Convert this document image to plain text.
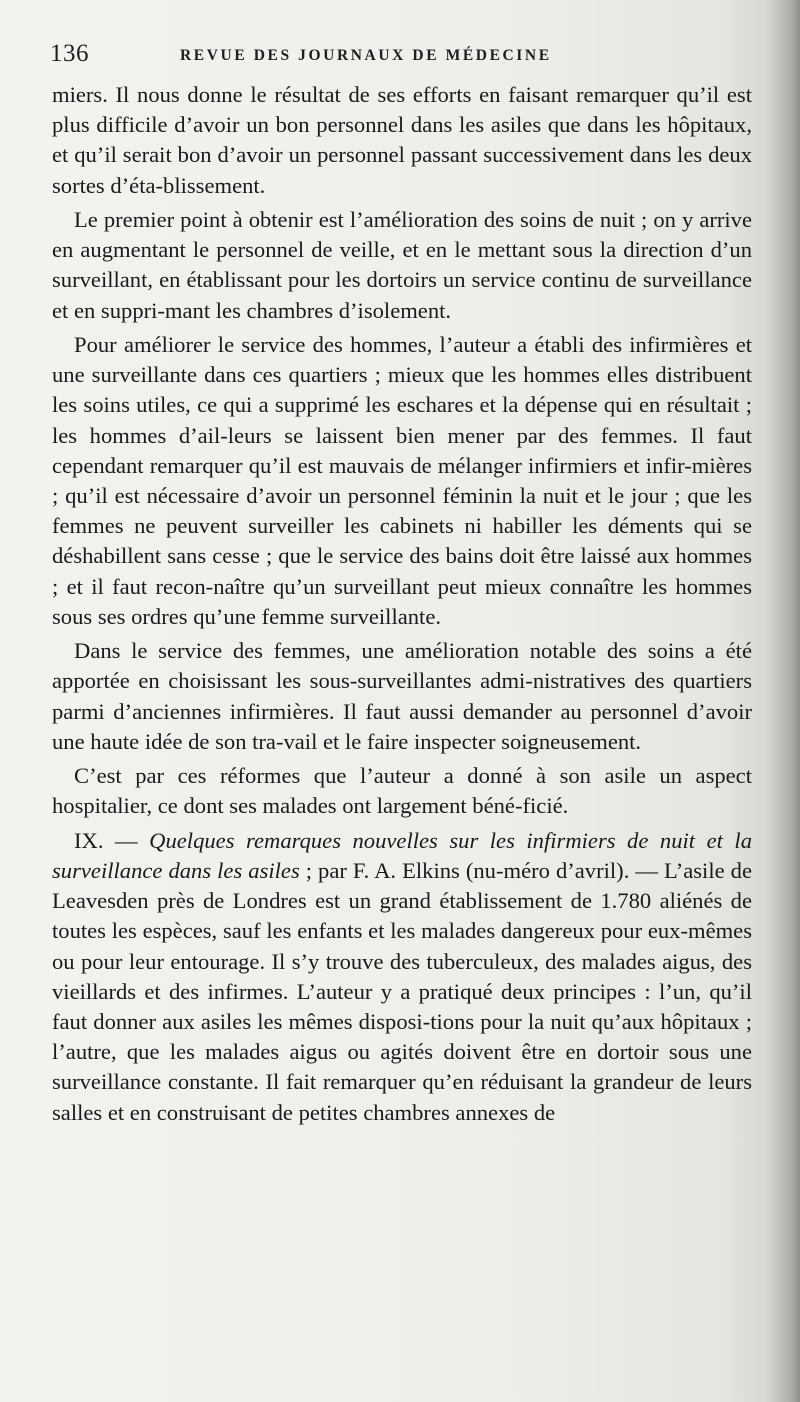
136	REVUE DES JOURNAUX DE MÉDECINE

miers. Il nous donne le résultat de ses efforts en faisant remarquer qu’il est plus difficile d’avoir un bon personnel dans les asiles que dans les hôpitaux, et qu’il serait bon d’avoir un personnel passant successivement dans les deux sortes d’éta-blissement.

Le premier point à obtenir est l’amélioration des soins de nuit ; on y arrive en augmentant le personnel de veille, et en le mettant sous la direction d’un surveillant, en établissant pour les dortoirs un service continu de surveillance et en suppri-mant les chambres d’isolement.

Pour améliorer le service des hommes, l’auteur a établi des infirmières et une surveillante dans ces quartiers ; mieux que les hommes elles distribuent les soins utiles, ce qui a supprimé les eschares et la dépense qui en résultait ; les hommes d’ail-leurs se laissent bien mener par des femmes. Il faut cependant remarquer qu’il est mauvais de mélanger infirmiers et infir-mières ; qu’il est nécessaire d’avoir un personnel féminin la nuit et le jour ; que les femmes ne peuvent surveiller les cabinets ni habiller les déments qui se déshabillent sans cesse ; que le service des bains doit être laissé aux hommes ; et il faut recon-naître qu’un surveillant peut mieux connaître les hommes sous ses ordres qu’une femme surveillante.

Dans le service des femmes, une amélioration notable des soins a été apportée en choisissant les sous-surveillantes admi-nistratives des quartiers parmi d’anciennes infirmières. Il faut aussi demander au personnel d’avoir une haute idée de son tra-vail et le faire inspecter soigneusement.

C’est par ces réformes que l’auteur a donné à son asile un aspect hospitalier, ce dont ses malades ont largement béné-ficié.

IX. — Quelques remarques nouvelles sur les infirmiers de nuit et la surveillance dans les asiles ; par F. A. Elkins (nu-méro d’avril). — L’asile de Leavesden près de Londres est un grand établissement de 1.780 aliénés de toutes les espèces, sauf les enfants et les malades dangereux pour eux-mêmes ou pour leur entourage. Il s’y trouve des tuberculeux, des malades aigus, des vieillards et des infirmes. L’auteur y a pratiqué deux principes : l’un, qu’il faut donner aux asiles les mêmes disposi-tions pour la nuit qu’aux hôpitaux ; l’autre, que les malades aigus ou agités doivent être en dortoir sous une surveillance constante. Il fait remarquer qu’en réduisant la grandeur de leurs salles et en construisant de petites chambres annexes de
